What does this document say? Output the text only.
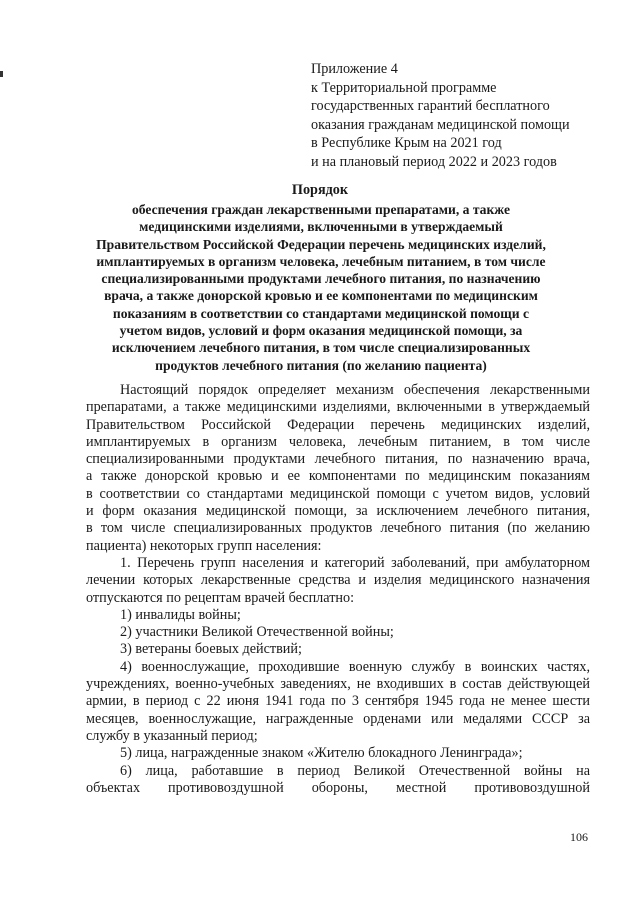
Приложение 4
к Территориальной программе
государственных гарантий бесплатного
оказания гражданам медицинской помощи
в Республике Крым на 2021 год
и на плановый период 2022 и 2023 годов
Порядок
обеспечения граждан лекарственными препаратами, а также
медицинскими изделиями, включенными в утверждаемый
Правительством Российской Федерации перечень медицинских изделий,
имплантируемых в организм человека, лечебным питанием, в том числе
специализированными продуктами лечебного питания, по назначению
врача, а также донорской кровью и ее компонентами по медицинским
показаниям в соответствии со стандартами медицинской помощи с
учетом видов, условий и форм оказания медицинской помощи, за
исключением лечебного питания, в том числе специализированных
продуктов лечебного питания (по желанию пациента)
Настоящий порядок определяет механизм обеспечения лекарственными
препаратами, а также медицинскими изделиями, включенными в утверждаемый
Правительством Российской Федерации перечень медицинских изделий,
имплантируемых в организм человека, лечебным питанием, в том числе
специализированными продуктами лечебного питания, по назначению врача,
а также донорской кровью и ее компонентами по медицинским показаниям
в соответствии со стандартами медицинской помощи с учетом видов, условий
и форм оказания медицинской помощи, за исключением лечебного питания,
в том числе специализированных продуктов лечебного питания (по желанию
пациента) некоторых групп населения:
1. Перечень групп населения и категорий заболеваний, при амбулаторном
лечении которых лекарственные средства и изделия медицинского назначения
отпускаются по рецептам врачей бесплатно:
1) инвалиды войны;
2) участники Великой Отечественной войны;
3) ветераны боевых действий;
4) военнослужащие, проходившие военную службу в воинских частях,
учреждениях, военно-учебных заведениях, не входивших в состав действующей
армии, в период с 22 июня 1941 года по 3 сентября 1945 года не менее шести
месяцев, военнослужащие, награжденные орденами или медалями СССР за
службу в указанный период;
5) лица, награжденные знаком «Жителю блокадного Ленинграда»;
6) лица, работавшие в период Великой Отечественной войны на
объектах противовоздушной обороны, местной противовоздушной
106
